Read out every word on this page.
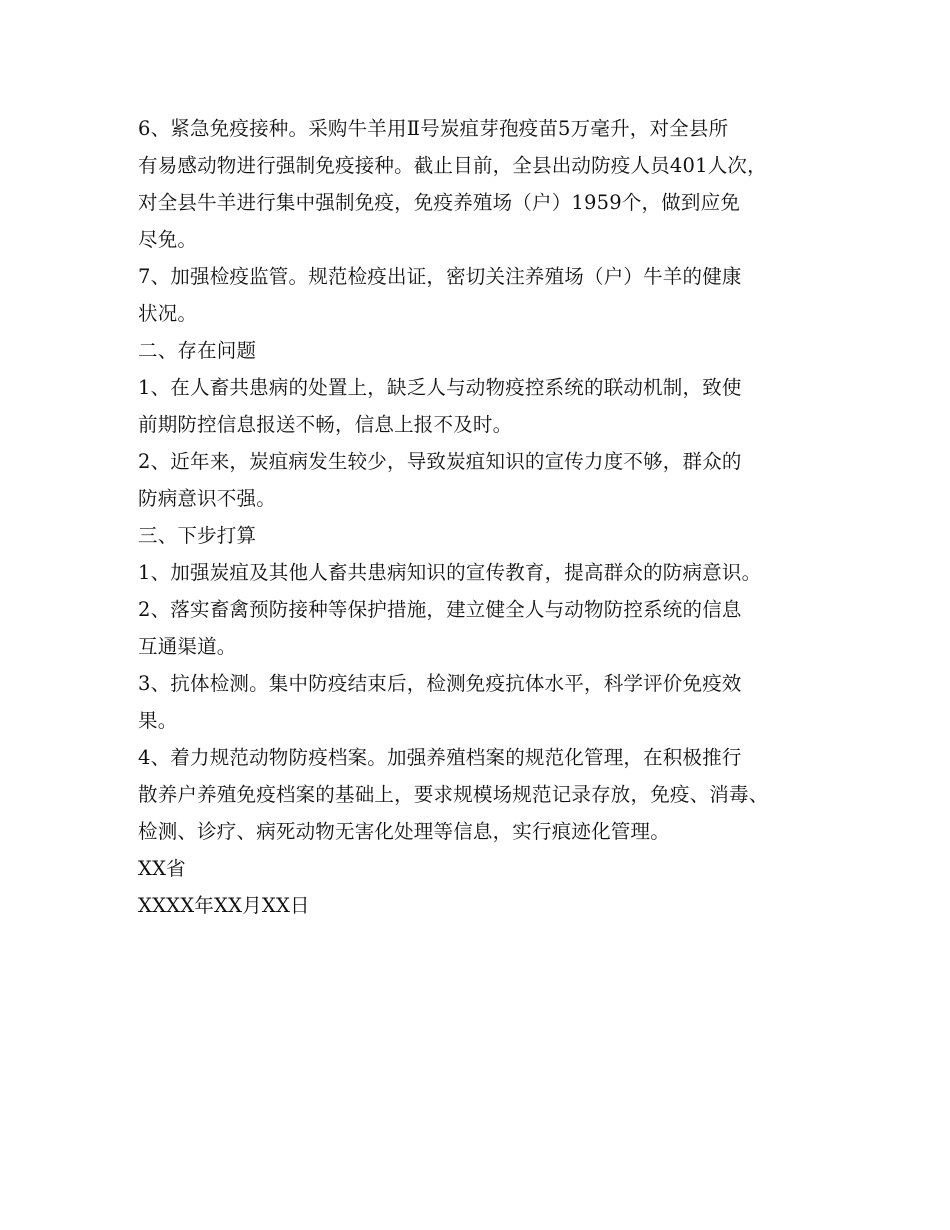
6、紧急免疫接种。采购牛羊用Ⅱ号炭疽芽孢疫苗5万毫升，对全县所
有易感动物进行强制免疫接种。截止目前，全县出动防疫人员401人次，
对全县牛羊进行集中强制免疫，免疫养殖场（户）1959个，做到应免
尽免。
7、加强检疫监管。规范检疫出证，密切关注养殖场（户）牛羊的健康
状况。
二、存在问题
1、在人畜共患病的处置上，缺乏人与动物疫控系统的联动机制，致使
前期防控信息报送不畅，信息上报不及时。
2、近年来，炭疽病发生较少，导致炭疽知识的宣传力度不够，群众的
防病意识不强。
三、下步打算
1、加强炭疽及其他人畜共患病知识的宣传教育，提高群众的防病意识。
2、落实畜禽预防接种等保护措施，建立健全人与动物防控系统的信息
互通渠道。
3、抗体检测。集中防疫结束后，检测免疫抗体水平，科学评价免疫效
果。
4、着力规范动物防疫档案。加强养殖档案的规范化管理，在积极推行
散养户养殖免疫档案的基础上，要求规模场规范记录存放，免疫、消毒、
检测、诊疗、病死动物无害化处理等信息，实行痕迹化管理。
XX省
XXXX年XX月XX日
